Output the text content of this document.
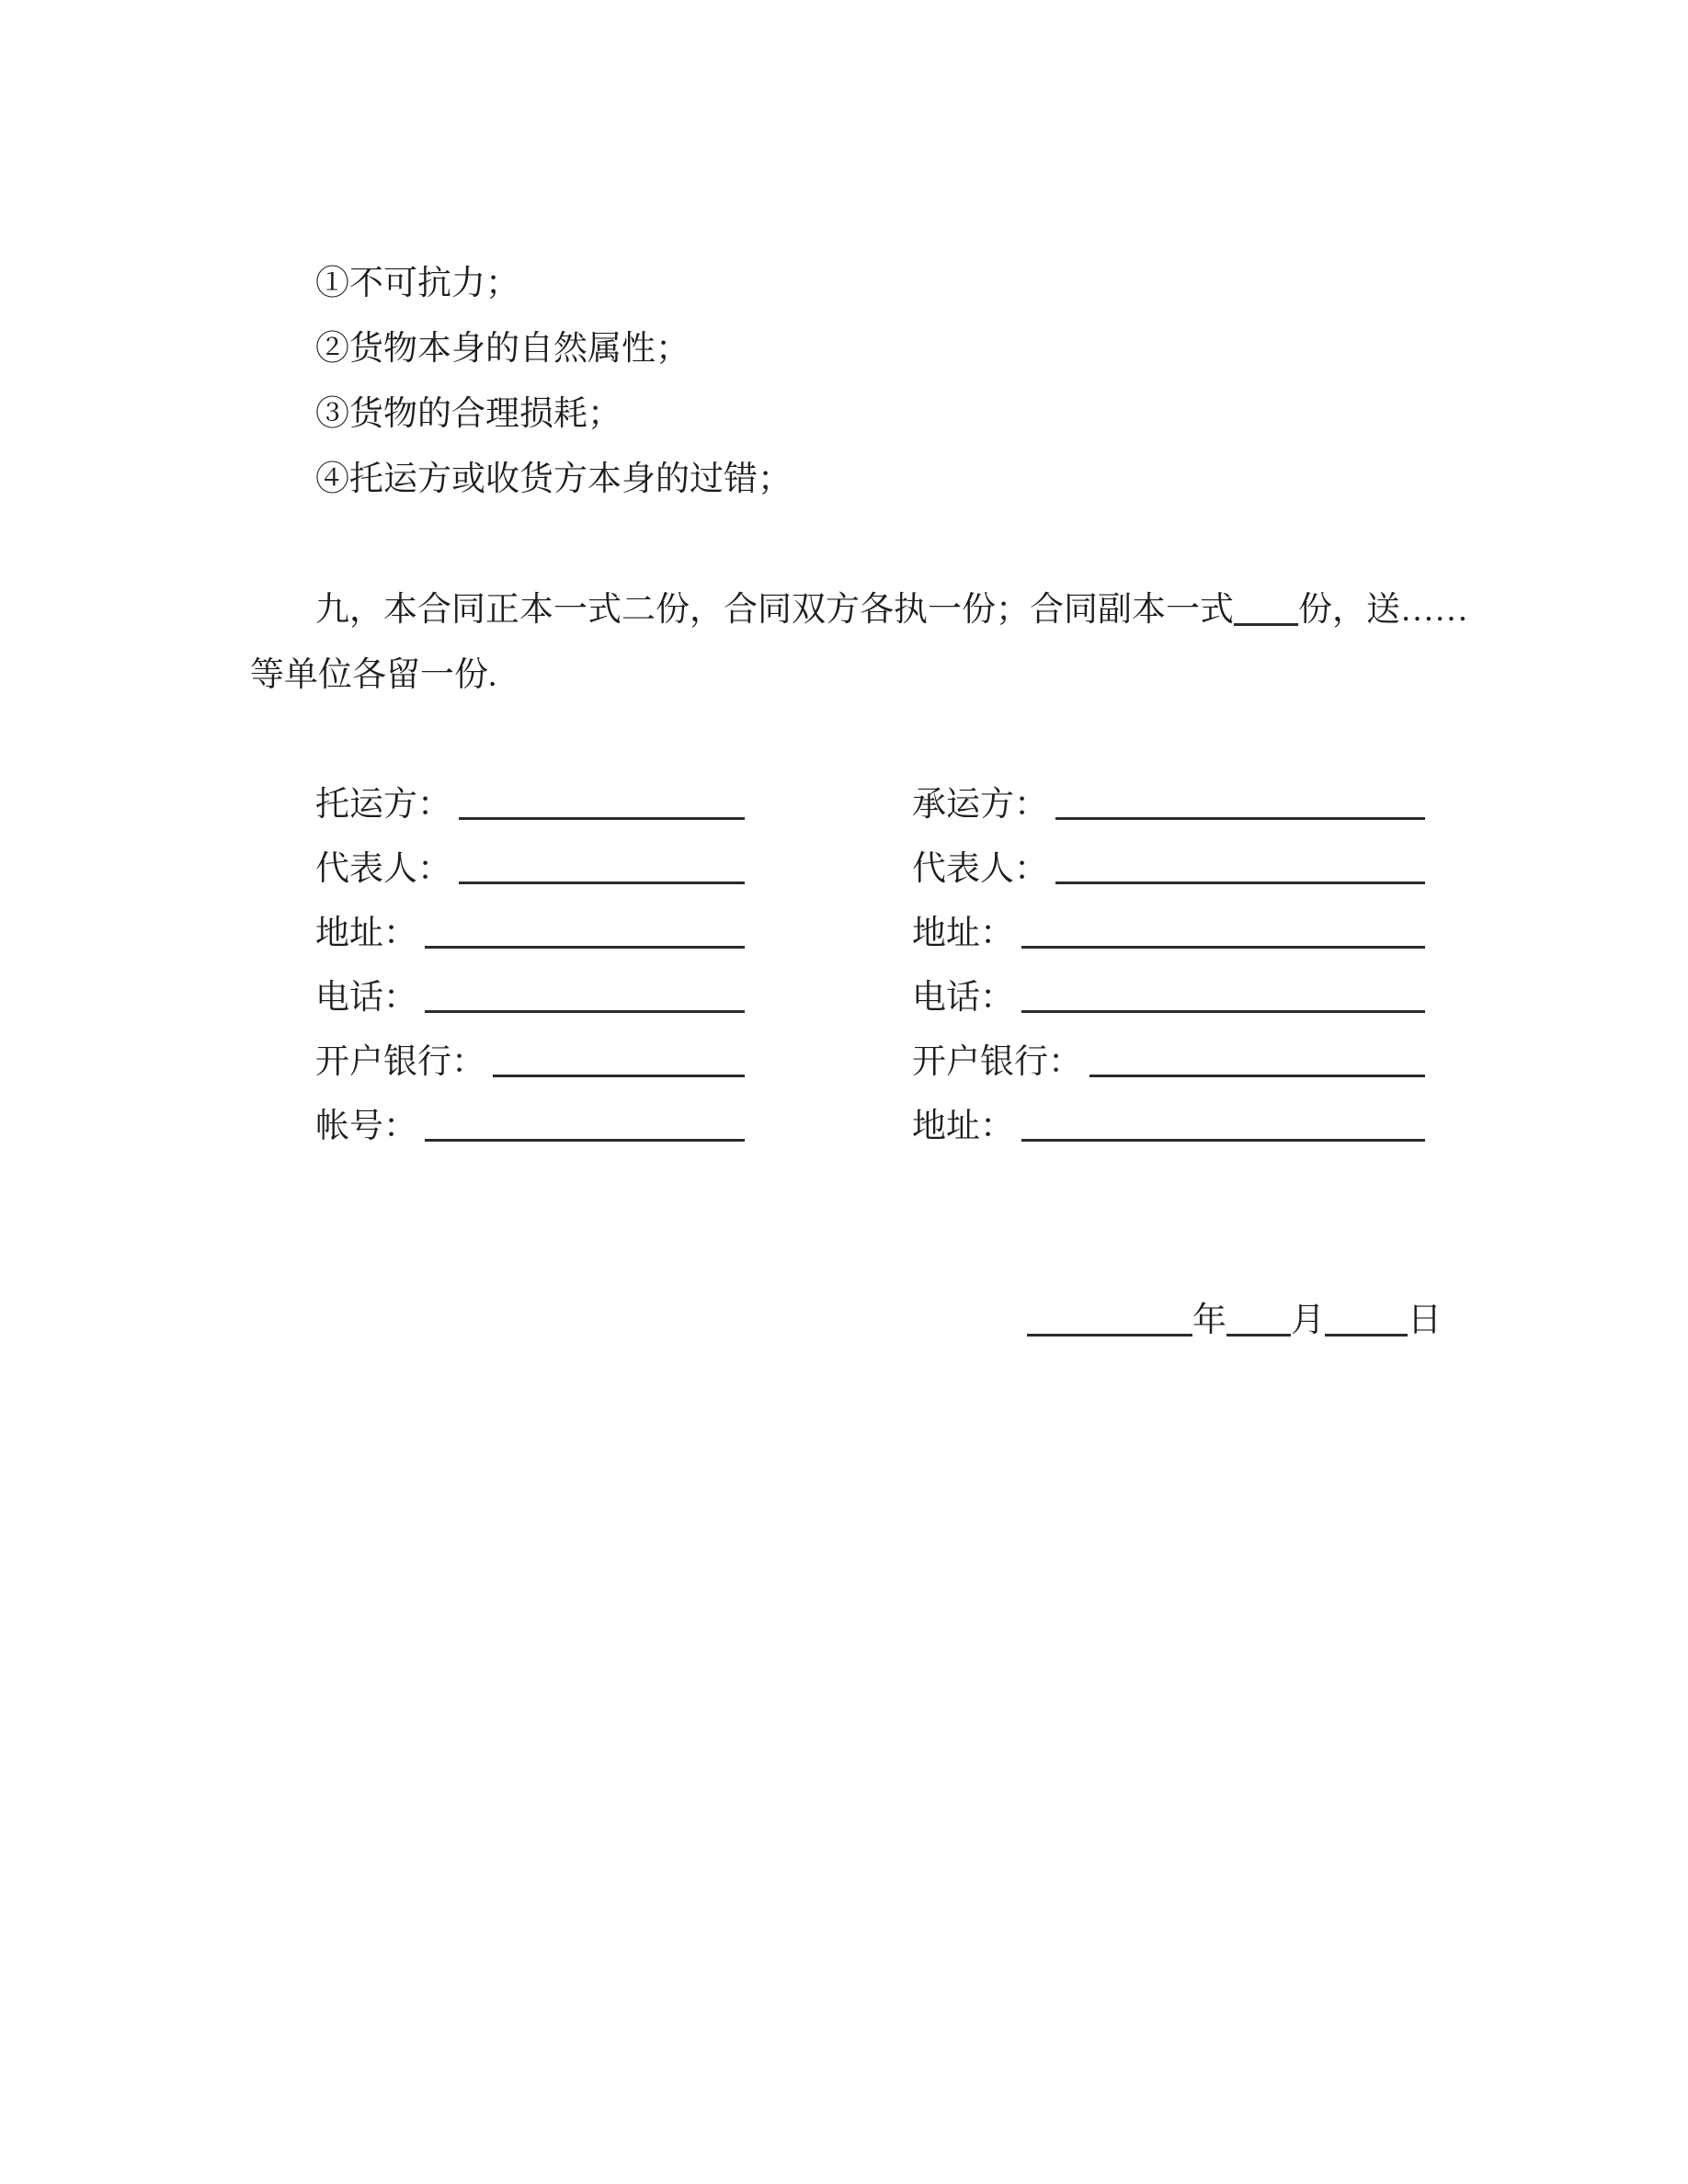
①不可抗力；
②货物本身的自然属性；
③货物的合理损耗；
④托运方或收货方本身的过错；
九，本合同正本一式二份，合同双方各执一份；合同副本一式 份，送……
等单位各留一份.
托运方：	承运方：
代表人：	代表人：
地址：	地址：
电话：	电话：
开户银行：	开户银行：
帐号：	地址：
年 月 日
